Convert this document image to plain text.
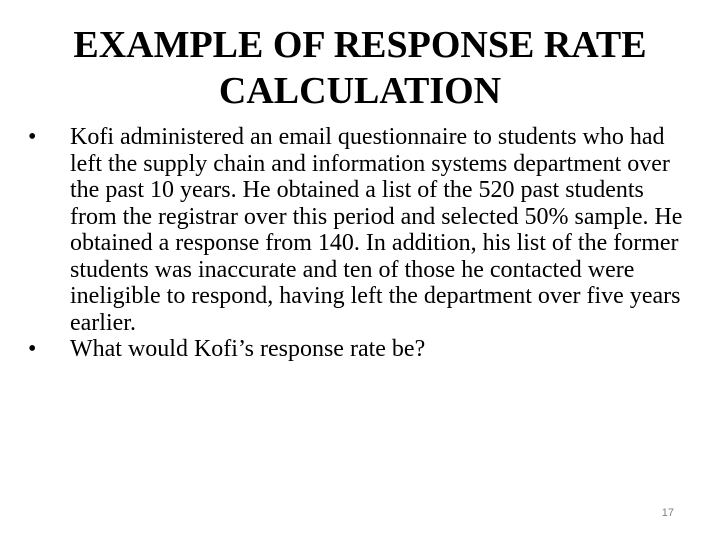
EXAMPLE OF RESPONSE RATE
CALCULATION
•	Kofi administered an email questionnaire to students who had left the supply chain and information systems department over the past 10 years. He obtained a list of the 520 past students from the registrar over this period and selected 50% sample. He obtained a response from 140. In addition, his list of the former students was inaccurate and ten of those he contacted were ineligible to respond, having left the department over five years earlier.
•	What would Kofi’s response rate be?
17
